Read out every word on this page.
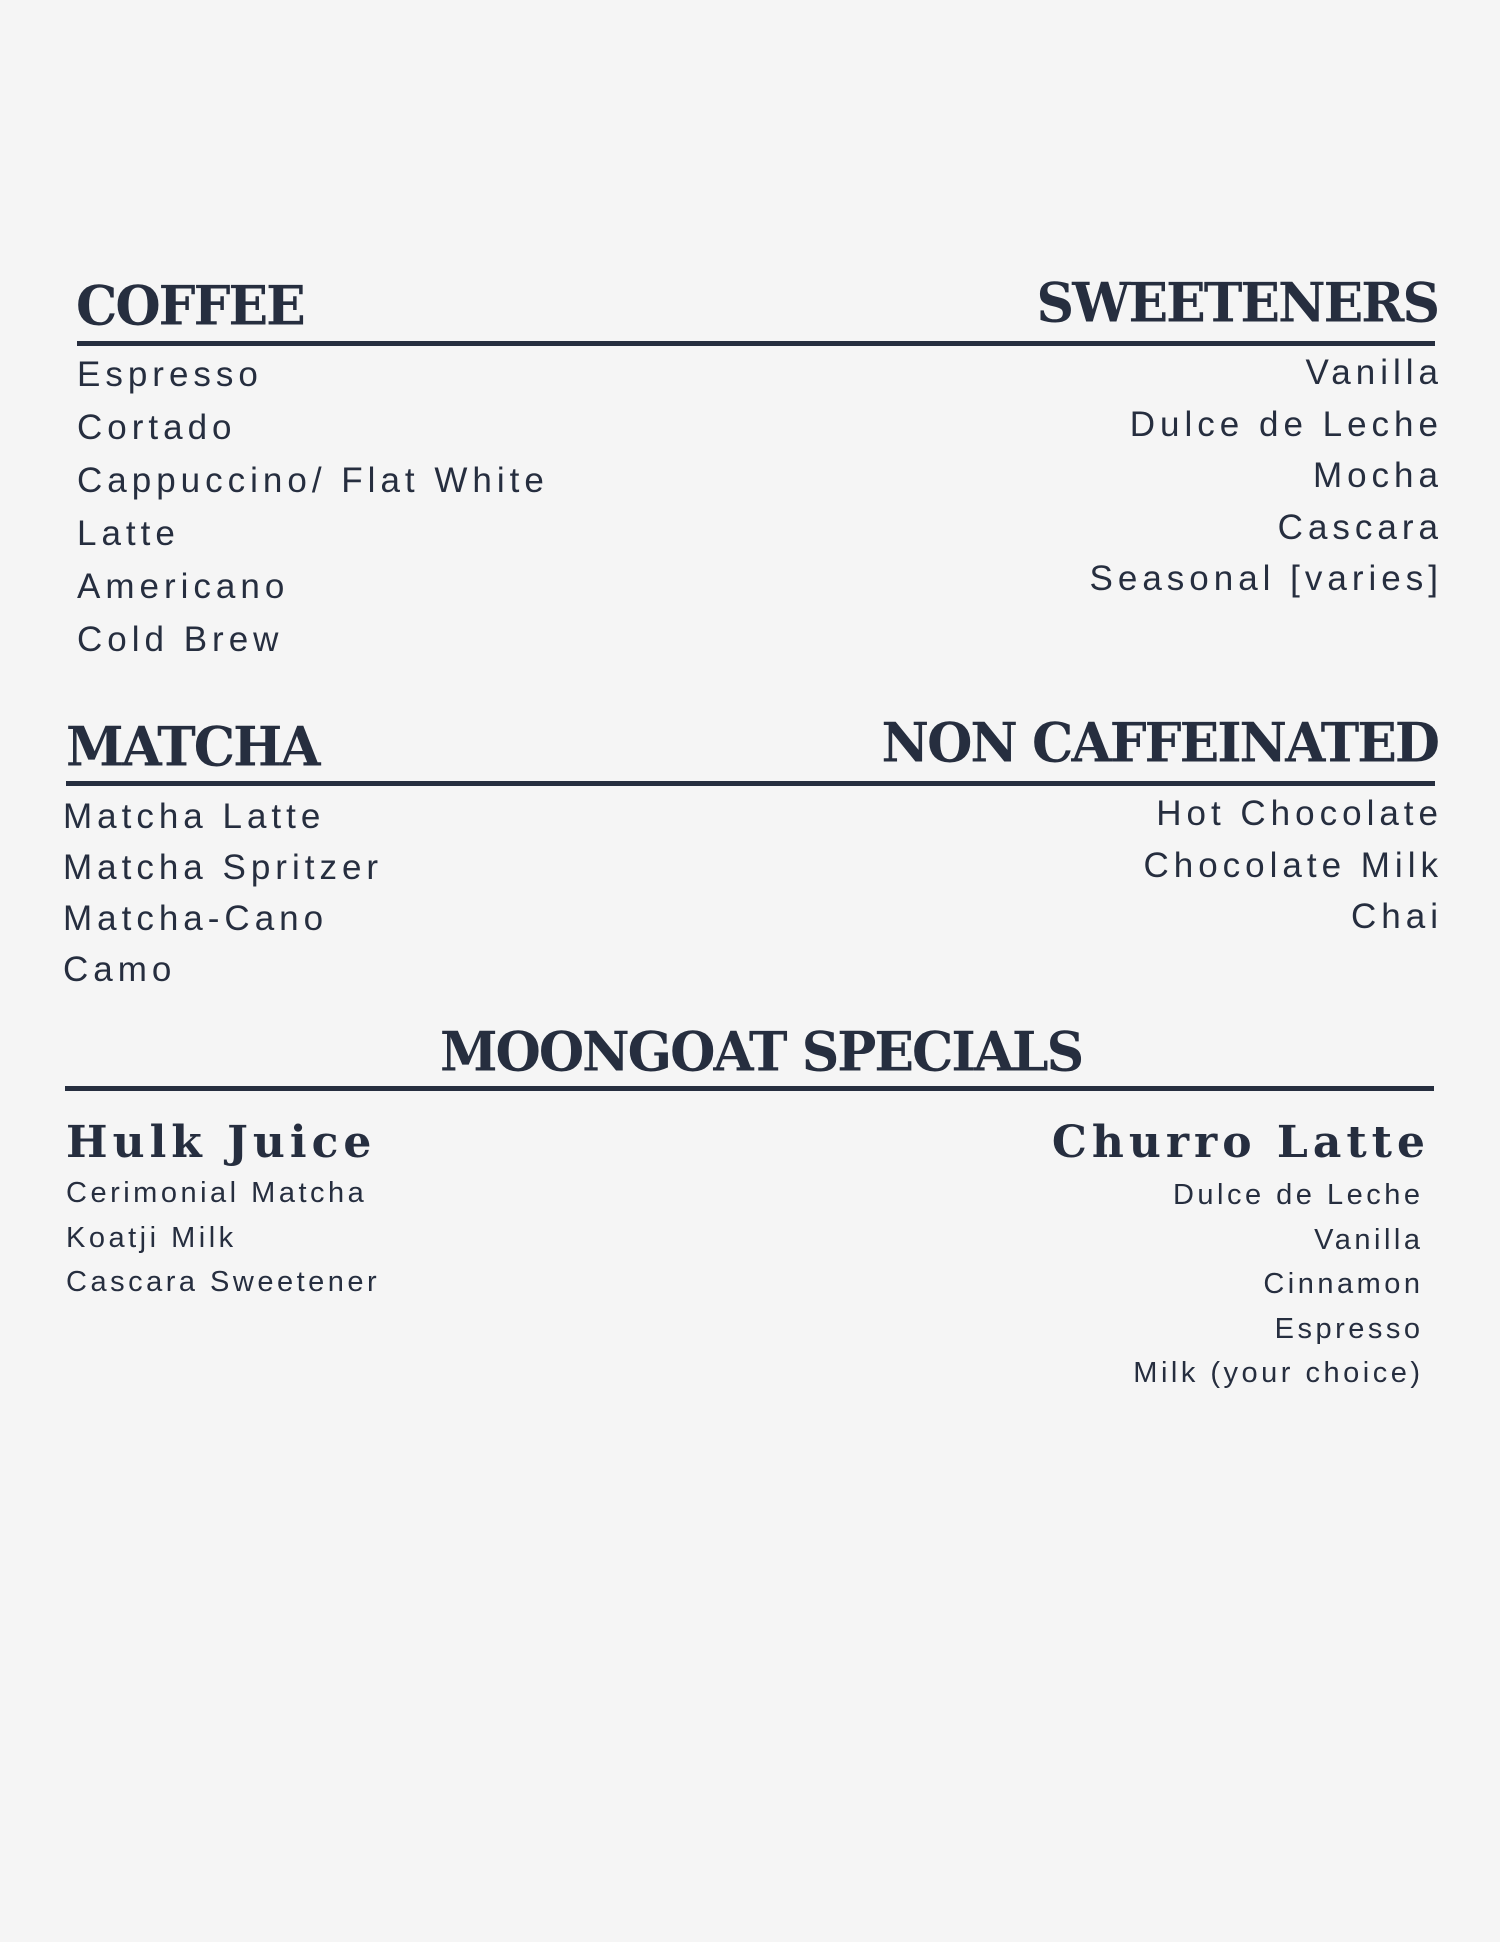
COFFEE
Espresso
Cortado
Cappuccino/ Flat White
Latte
Americano
Cold Brew
SWEETENERS
Vanilla
Dulce de Leche
Mocha
Cascara
Seasonal [varies]
MATCHA
Matcha Latte
Matcha Spritzer
Matcha-Cano
Camo
NON CAFFEINATED
Hot Chocolate
Chocolate Milk
Chai
MOONGOAT SPECIALS
Hulk Juice
Cerimonial Matcha
Koatji Milk
Cascara Sweetener
Churro Latte
Dulce de Leche
Vanilla
Cinnamon
Espresso
Milk (your choice)
